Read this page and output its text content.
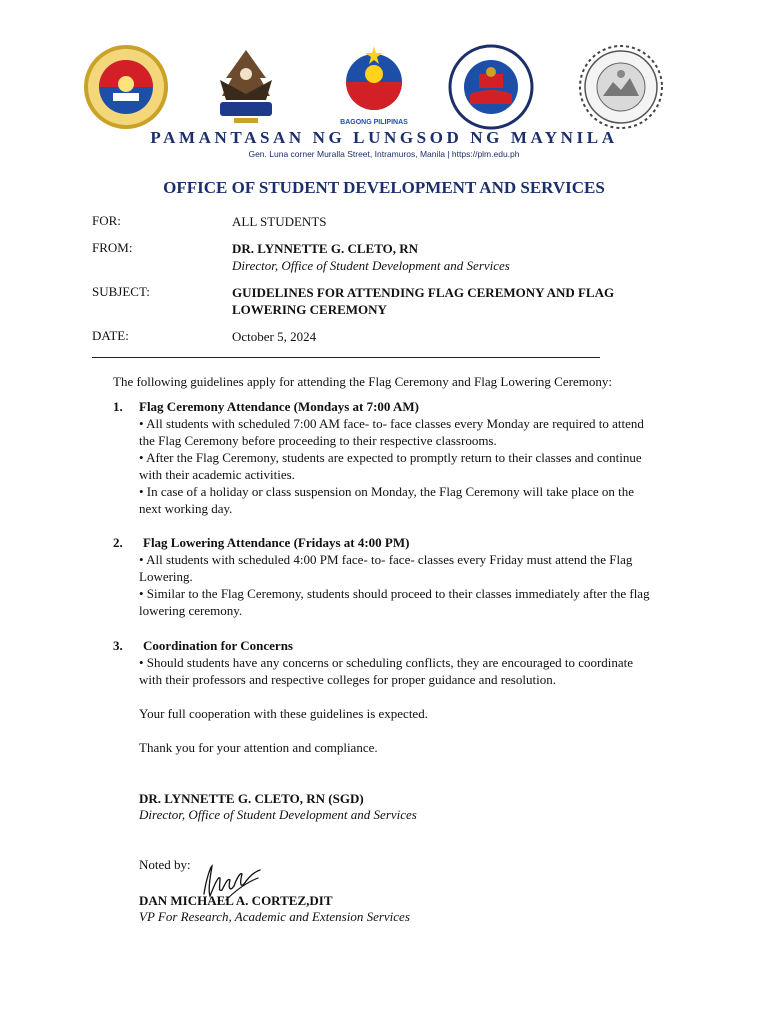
BAGONG PILIPINAS
PAMANTASAN NG LUNGSOD NG MAYNILA
Gen. Luna corner Muralla Street, Intramuros, Manila | https://plm.edu.ph
OFFICE OF STUDENT DEVELOPMENT AND SERVICES
FOR:	ALL STUDENTS
FROM:	DR. LYNNETTE G. CLETO, RN
Director, Office of Student Development and Services
SUBJECT:	GUIDELINES FOR ATTENDING FLAG CEREMONY AND FLAG
LOWERING CEREMONY
DATE:	October 5, 2024
The following guidelines apply for attending the Flag Ceremony and Flag Lowering Ceremony:
1. Flag Ceremony Attendance (Mondays at 7:00 AM)
• All students with scheduled 7:00 AM face- to- face classes every Monday are required to attend
the Flag Ceremony before proceeding to their respective classrooms.
• After the Flag Ceremony, students are expected to promptly return to their classes and continue
with their academic activities.
• In case of a holiday or class suspension on Monday, the Flag Ceremony will take place on the
next working day.
2. Flag Lowering Attendance (Fridays at 4:00 PM)
• All students with scheduled 4:00 PM face- to- face- classes every Friday must attend the Flag
Lowering.
• Similar to the Flag Ceremony, students should proceed to their classes immediately after the flag
lowering ceremony.
3. Coordination for Concerns
• Should students have any concerns or scheduling conflicts, they are encouraged to coordinate
with their professors and respective colleges for proper guidance and resolution.
Your full cooperation with these guidelines is expected.
Thank you for your attention and compliance.
DR. LYNNETTE G. CLETO, RN (SGD)
Director, Office of Student Development and Services
Noted by:
DAN MICHAEL A. CORTEZ,DIT
VP For Research, Academic and Extension Services
